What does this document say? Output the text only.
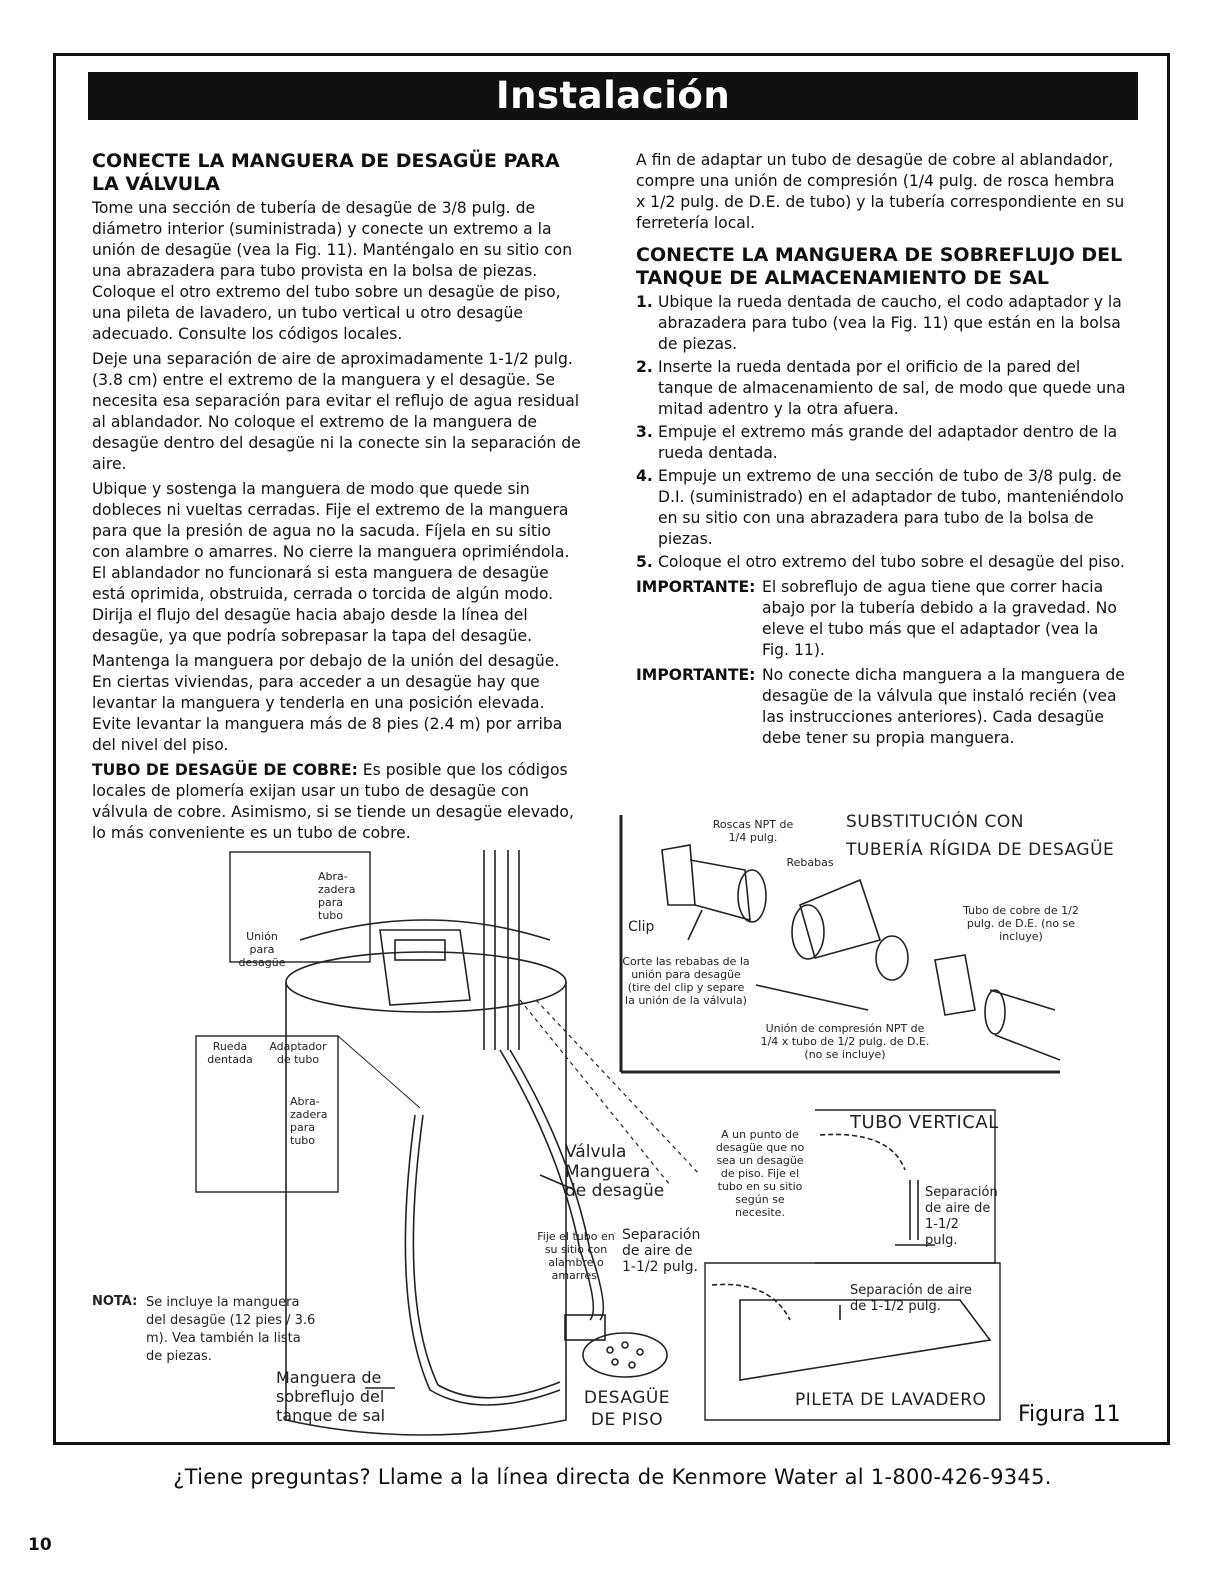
Instalación
CONECTE LA MANGUERA DE DESAGÜE PARA LA VÁLVULA

Tome una sección de tubería de desagüe de 3/8 pulg. de diámetro interior (suministrada) y conecte un extremo a la unión de desagüe (vea la Fig. 11). Manténgalo en su sitio con una abrazadera para tubo provista en la bolsa de piezas. Coloque el otro extremo del tubo sobre un desagüe de piso, una pileta de lavadero, un tubo vertical u otro desagüe adecuado. Consulte los códigos locales.

Deje una separación de aire de aproximadamente 1-1/2 pulg. (3.8 cm) entre el extremo de la manguera y el desagüe. Se necesita esa separación para evitar el reflujo de agua residual al ablandador. No coloque el extremo de la manguera de desagüe dentro del desagüe ni la conecte sin la separación de aire.

Ubique y sostenga la manguera de modo que quede sin dobleces ni vueltas cerradas. Fije el extremo de la manguera para que la presión de agua no la sacuda. Fíjela en su sitio con alambre o amarres. No cierre la manguera oprimiéndola. El ablandador no funcionará si esta manguera de desagüe está oprimida, obstruida, cerrada o torcida de algún modo. Dirija el flujo del desagüe hacia abajo desde la línea del desagüe, ya que podría sobrepasar la tapa del desagüe.

Mantenga la manguera por debajo de la unión del desagüe. En ciertas viviendas, para acceder a un desagüe hay que levantar la manguera y tenderla en una posición elevada. Evite levantar la manguera más de 8 pies (2.4 m) por arriba del nivel del piso.

TUBO DE DESAGÜE DE COBRE: Es posible que los códigos locales de plomería exijan usar un tubo de desagüe con válvula de cobre. Asimismo, si se tiende un desagüe elevado, lo más conveniente es un tubo de cobre.

A fin de adaptar un tubo de desagüe de cobre al ablandador, compre una unión de compresión (1/4 pulg. de rosca hembra x 1/2 pulg. de D.E. de tubo) y la tubería correspondiente en su ferretería local.

CONECTE LA MANGUERA DE SOBREFLUJO DEL TANQUE DE ALMACENAMIENTO DE SAL
1. Ubique la rueda dentada de caucho, el codo adaptador y la abrazadera para tubo (vea la Fig. 11) que están en la bolsa de piezas.
2. Inserte la rueda dentada por el orificio de la pared del tanque de almacenamiento de sal, de modo que quede una mitad adentro y la otra afuera.
3. Empuje el extremo más grande del adaptador dentro de la rueda dentada.
4. Empuje un extremo de una sección de tubo de 3/8 pulg. de D.I. (suministrado) en el adaptador de tubo, manteniéndolo en su sitio con una abrazadera para tubo de la bolsa de piezas.
5. Coloque el otro extremo del tubo sobre el desagüe del piso.
IMPORTANTE: El sobreflujo de agua tiene que correr hacia abajo por la tubería debido a la gravedad. No eleve el tubo más que el adaptador (vea la Fig. 11).
IMPORTANTE: No conecte dicha manguera a la manguera de desagüe de la válvula que instaló recién (vea las instrucciones anteriores). Cada desagüe debe tener su propia manguera.
Roscas NPT de 1/4 pulg.
Rebabas
Clip
Corte las rebabas de la unión para desagüe (tire del clip y separe la unión de la válvula)
Unión de compresión NPT de 1/4 x tubo de 1/2 pulg. de D.E. (no se incluye)
Tubo de cobre de 1/2 pulg. de D.E. (no se incluye)
SUBSTITUCIÓN CON
TUBERÍA RÍGIDA DE DESAGÜE
Abra-zadera para tubo
Unión para desagüe
Rueda dentada
Adaptador de tubo
Abra-zadera para tubo
Válvula
Manguera de desagüe
Fije el tubo en su sitio con alambre o amarres.
Separación de aire de 1-1/2 pulg.
A un punto de desagüe que no sea un desagüe de piso. Fije el tubo en su sitio según se necesite.
TUBO VERTICAL
Separación de aire de 1-1/2 pulg.
Separación de aire de 1-1/2 pulg.
PILETA DE LAVADERO
DESAGÜE
DE PISO
NOTA: Se incluye la manguera del desagüe (12 pies / 3.6 m). Vea también la lista de piezas.
Manguera de sobreflujo del tanque de sal	Figura 11
¿Tiene preguntas? Llame a la línea directa de Kenmore Water al 1-800-426-9345.
10
